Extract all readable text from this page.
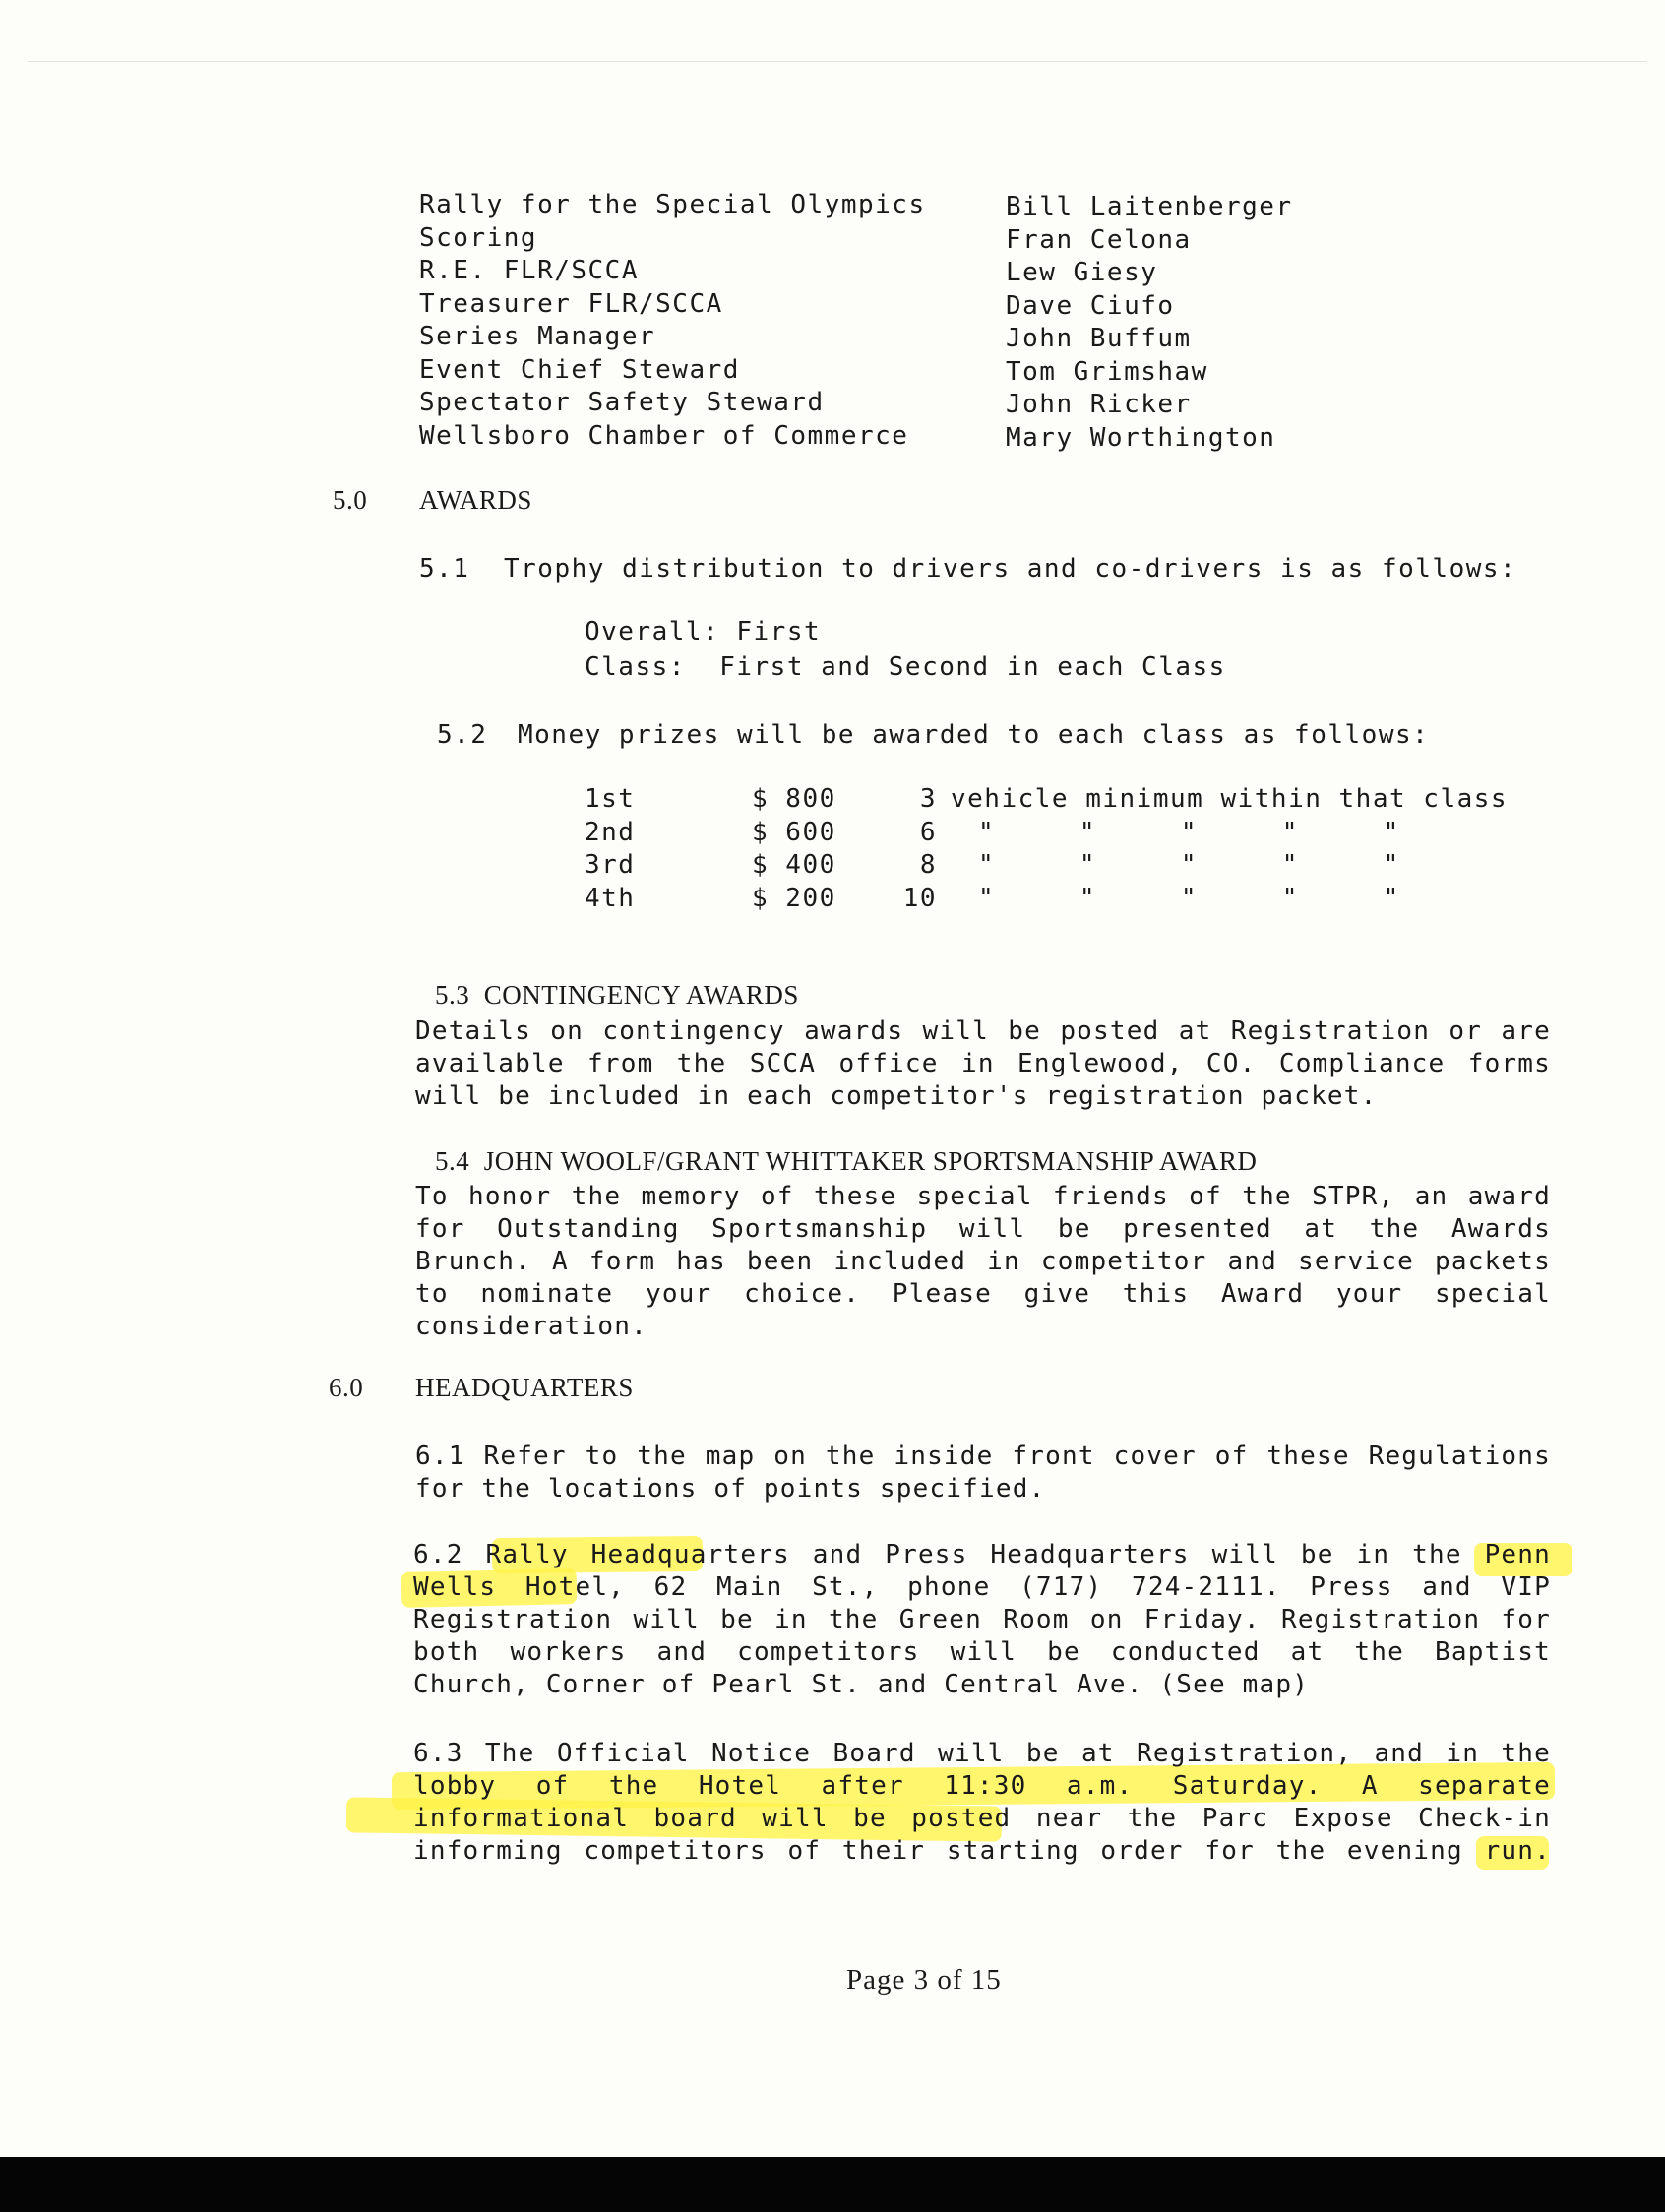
Rally for the Special Olympics	Bill Laitenberger
Scoring	Fran Celona
R.E. FLR/SCCA	Lew Giesy
Treasurer FLR/SCCA	Dave Ciufo
Series Manager	John Buffum
Event Chief Steward	Tom Grimshaw
Spectator Safety Steward	John Ricker
Wellsboro Chamber of Commerce	Mary Worthington
5.0 AWARDS
5.1 Trophy distribution to drivers and co-drivers is as follows:
Overall: First
Class:  First and Second in each Class
5.2 Money prizes will be awarded to each class as follows:
1st	$ 800	3 vehicle minimum within that class
2nd	$ 600	6 "     "     "     "     "
3rd	$ 400	8 "     "     "     "     "
4th	$ 200	10 "     "     "     "     "
5.3  CONTINGENCY AWARDS
Details on contingency awards will be posted at Registration or are
available from the SCCA office in Englewood, CO. Compliance forms
will be included in each competitor's registration packet.
5.4  JOHN WOOLF/GRANT WHITTAKER SPORTSMANSHIP AWARD
To honor the memory of these special friends of the STPR, an award
for Outstanding Sportsmanship will be presented at the Awards
Brunch. A form has been included in competitor and service packets
to nominate your choice. Please give this Award your special
consideration.
6.0 HEADQUARTERS
6.1 Refer to the map on the inside front cover of these Regulations
for the locations of points specified.
6.2 Rally Headquarters and Press Headquarters will be in the Penn
Wells Hotel, 62 Main St., phone (717) 724-2111. Press and VIP
Registration will be in the Green Room on Friday. Registration for
both workers and competitors will be conducted at the Baptist
Church, Corner of Pearl St. and Central Ave. (See map)
6.3 The Official Notice Board will be at Registration, and in the
lobby of the Hotel after 11:30 a.m. Saturday. A separate
informational board will be posted near the Parc Expose Check-in
informing competitors of their starting order for the evening run.
Page 3 of 15
